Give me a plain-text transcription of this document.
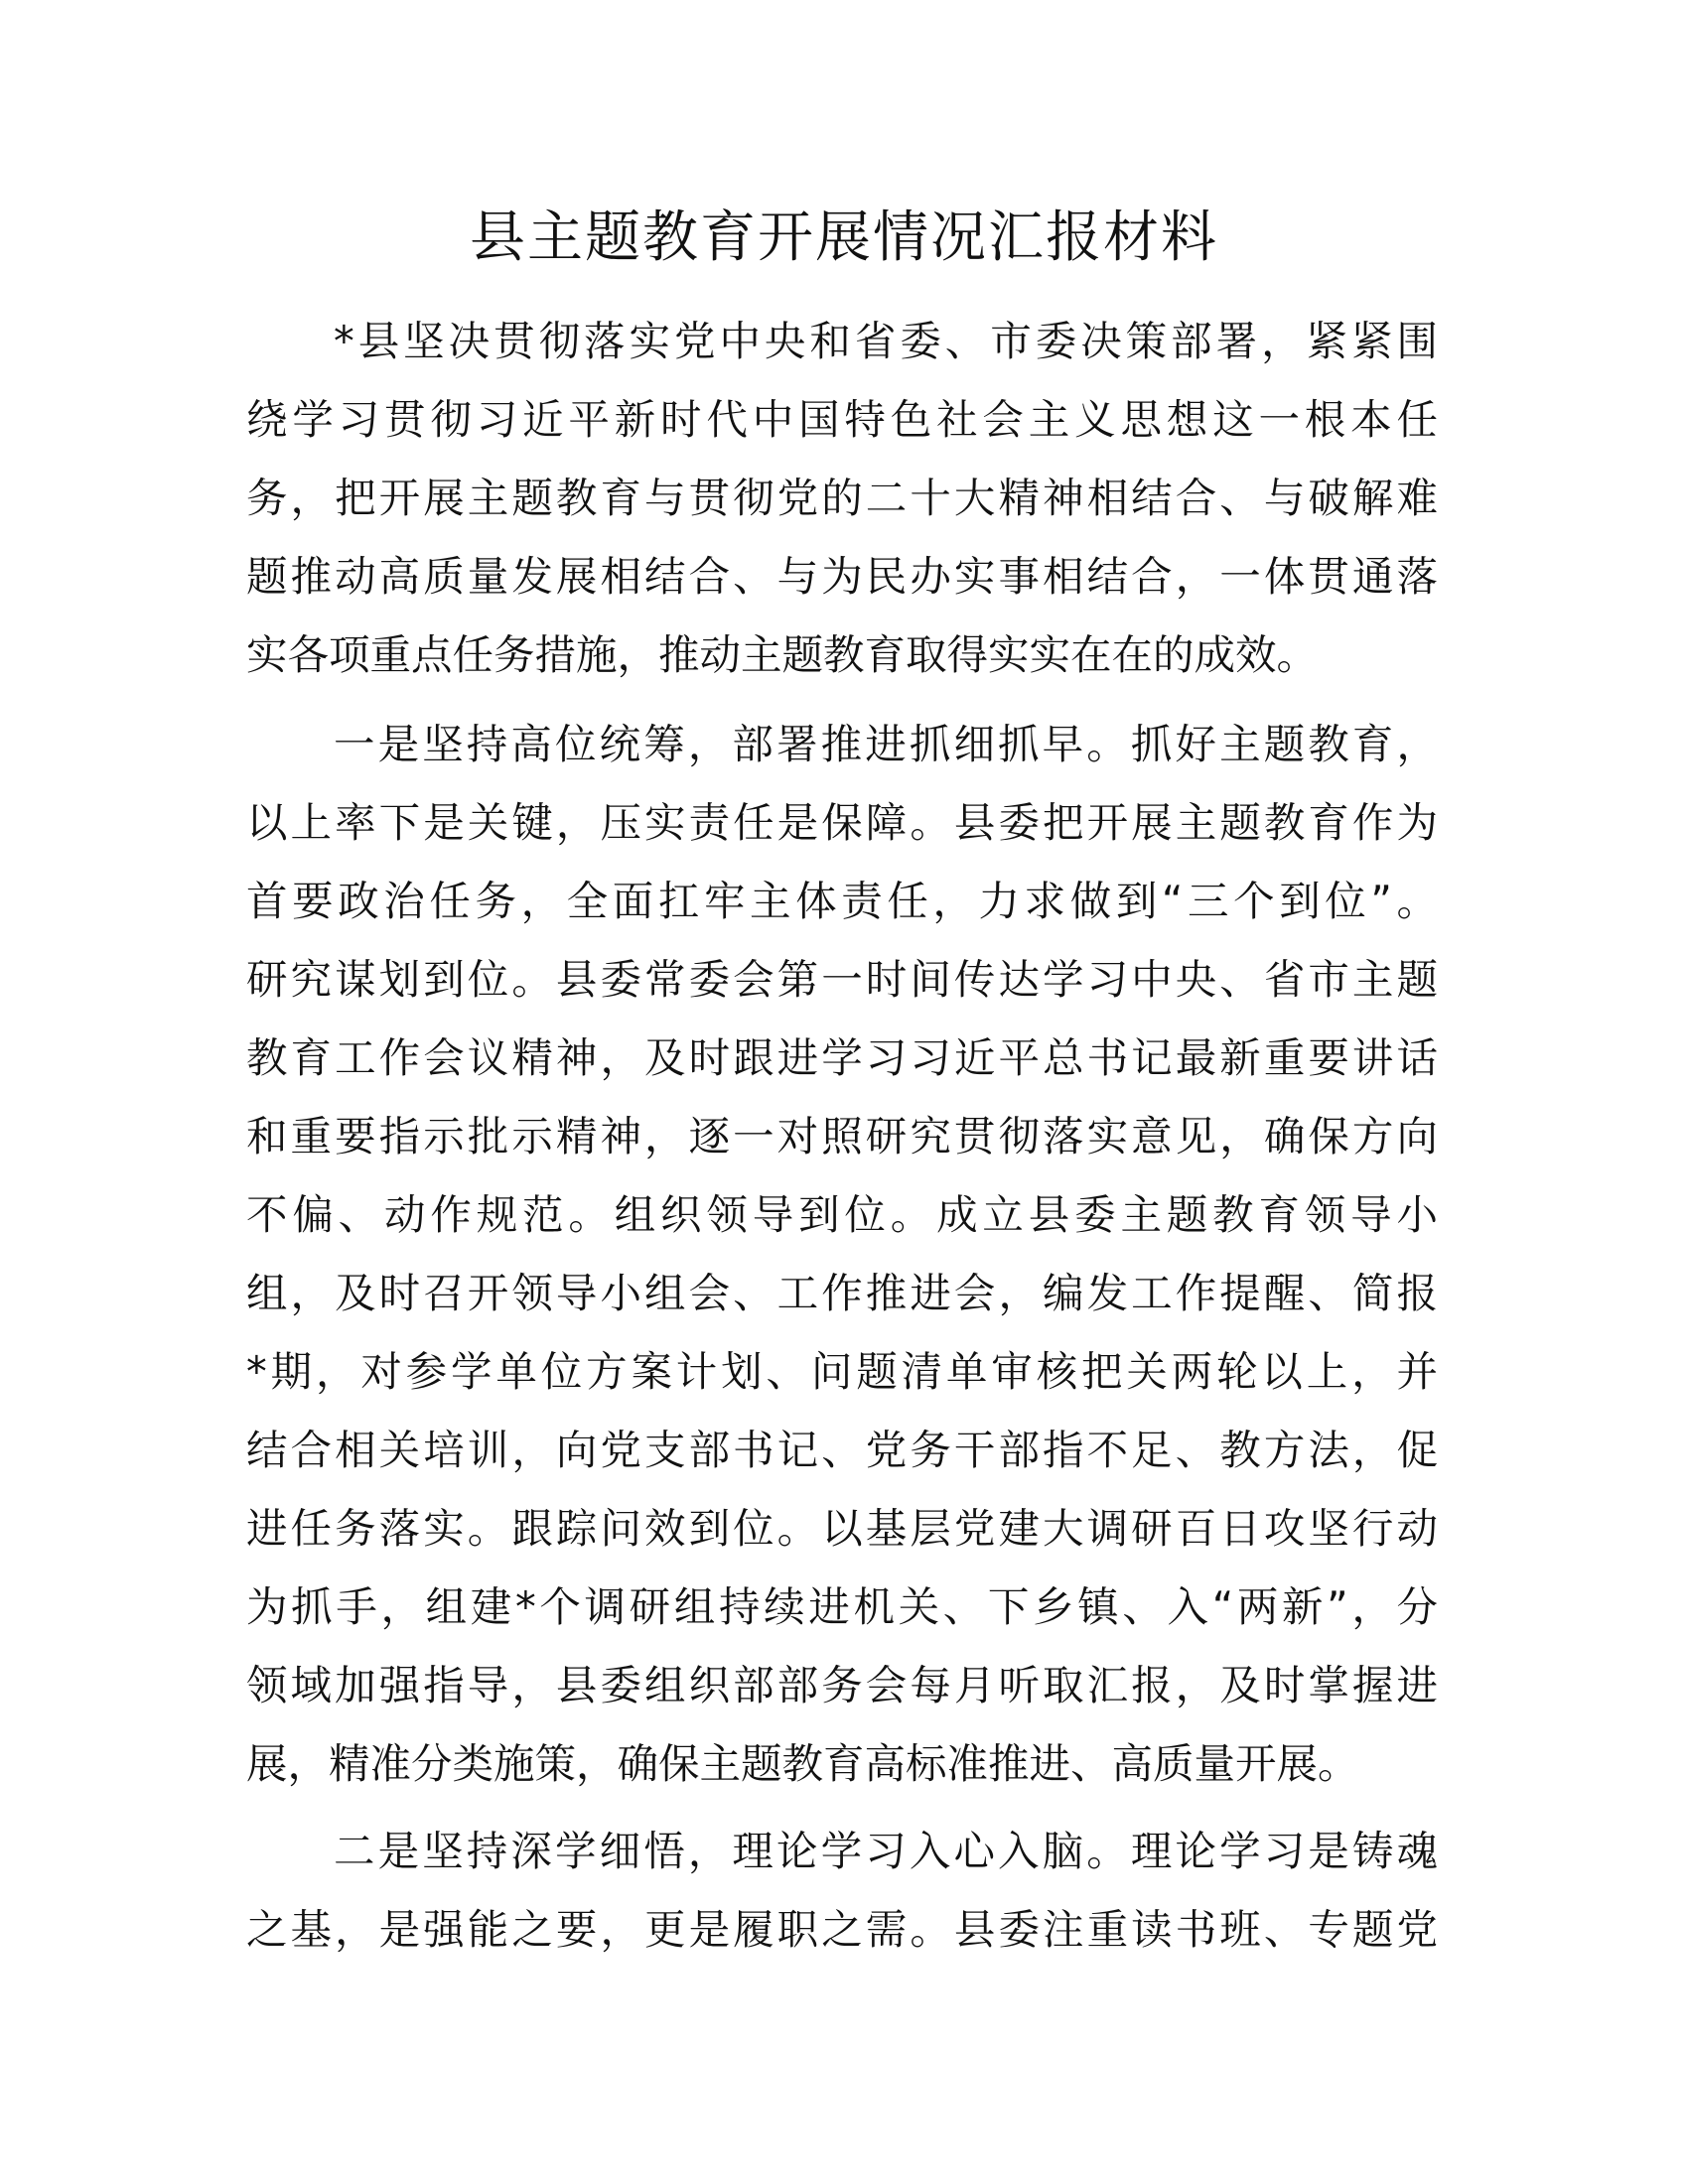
县主题教育开展情况汇报材料

*县坚决贯彻落实党中央和省委、市委决策部署，紧紧围

绕学习贯彻习近平新时代中国特色社会主义思想这一根本任

务，把开展主题教育与贯彻党的二十大精神相结合、与破解难

题推动高质量发展相结合、与为民办实事相结合，一体贯通落

实各项重点任务措施，推动主题教育取得实实在在的成效。

一是坚持高位统筹，部署推进抓细抓早。抓好主题教育，

以上率下是关键，压实责任是保障。县委把开展主题教育作为

首要政治任务，全面扛牢主体责任，力求做到“三个到位”。

研究谋划到位。县委常委会第一时间传达学习中央、省市主题

教育工作会议精神，及时跟进学习习近平总书记最新重要讲话

和重要指示批示精神，逐一对照研究贯彻落实意见，确保方向

不偏、动作规范。组织领导到位。成立县委主题教育领导小

组，及时召开领导小组会、工作推进会，编发工作提醒、简报

*期，对参学单位方案计划、问题清单审核把关两轮以上，并

结合相关培训，向党支部书记、党务干部指不足、教方法，促

进任务落实。跟踪问效到位。以基层党建大调研百日攻坚行动

为抓手，组建*个调研组持续进机关、下乡镇、入“两新”，分

领域加强指导，县委组织部部务会每月听取汇报，及时掌握进

展，精准分类施策，确保主题教育高标准推进、高质量开展。

二是坚持深学细悟，理论学习入心入脑。理论学习是铸魂

之基，是强能之要，更是履职之需。县委注重读书班、专题党
